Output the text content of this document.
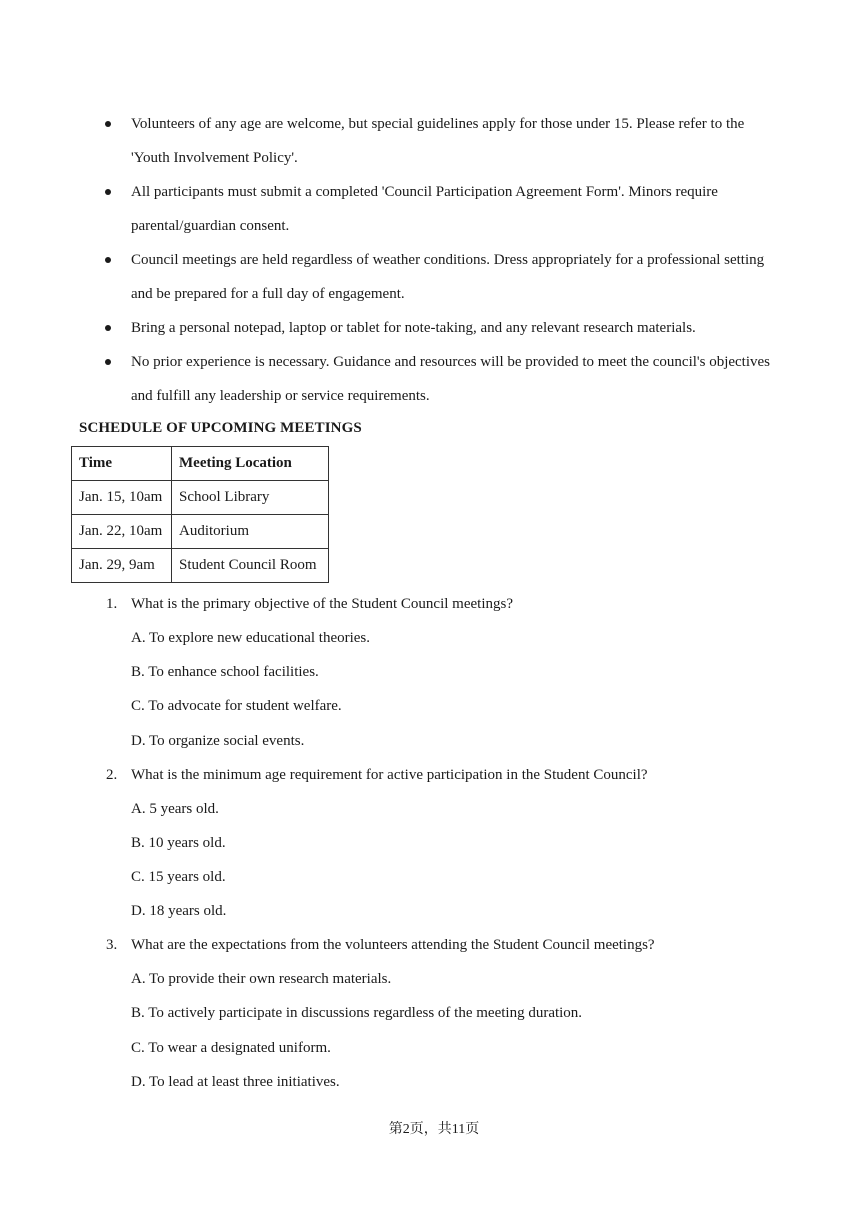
Volunteers of any age are welcome, but special guidelines apply for those under 15. Please refer to the
'Youth Involvement Policy'.
All participants must submit a completed 'Council Participation Agreement Form'. Minors require
parental/guardian consent.
Council meetings are held regardless of weather conditions. Dress appropriately for a professional setting
and be prepared for a full day of engagement.
Bring a personal notepad, laptop or tablet for note-taking, and any relevant research materials.
No prior experience is necessary. Guidance and resources will be provided to meet the council's objectives
and fulfill any leadership or service requirements.
SCHEDULE OF UPCOMING MEETINGS
Time	Meeting Location
Jan. 15, 10am	School Library
Jan. 22, 10am	Auditorium
Jan. 29, 9am	Student Council Room
1. What is the primary objective of the Student Council meetings?
A. To explore new educational theories.
B. To enhance school facilities.
C. To advocate for student welfare.
D. To organize social events.
2. What is the minimum age requirement for active participation in the Student Council?
A. 5 years old.
B. 10 years old.
C. 15 years old.
D. 18 years old.
3. What are the expectations from the volunteers attending the Student Council meetings?
A. To provide their own research materials.
B. To actively participate in discussions regardless of the meeting duration.
C. To wear a designated uniform.
D. To lead at least three initiatives.
第2页，共11页
